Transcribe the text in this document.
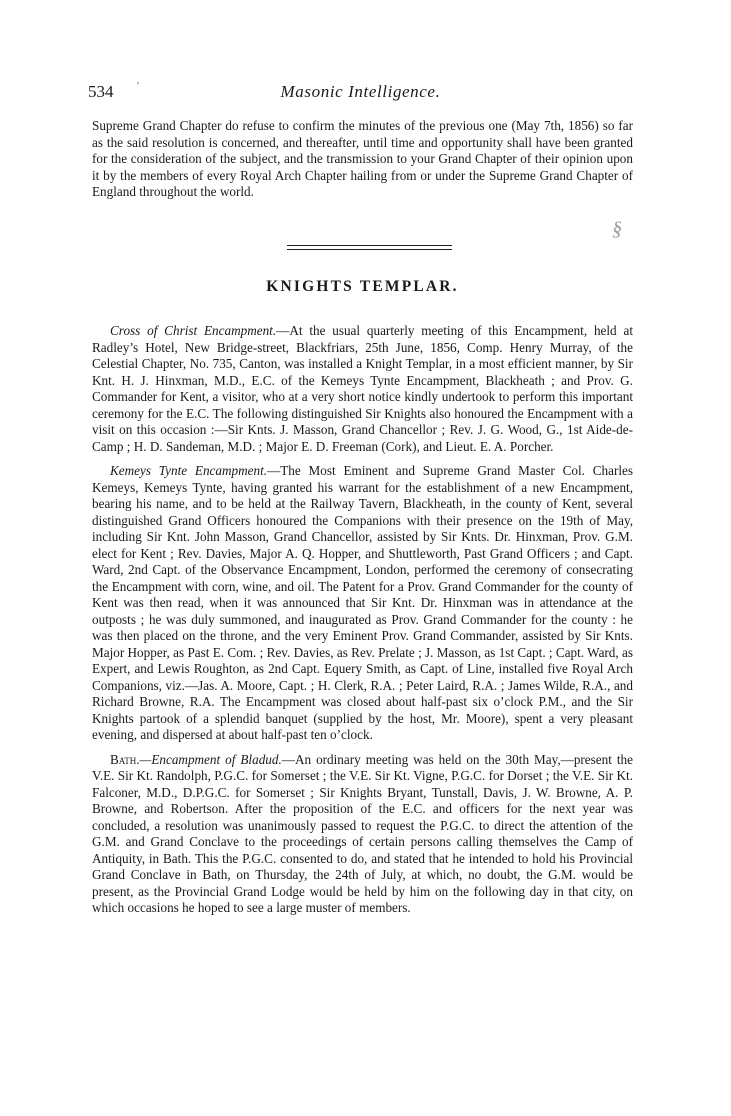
534 ’	Masonic Intelligence.
Supreme Grand Chapter do refuse to confirm the minutes of the previous one (May 7th, 1856) so far as the said resolution is concerned, and thereafter, until time and opportunity shall have been granted for the consideration of the subject, and the transmission to your Grand Chapter of their opinion upon it by the members of every Royal Arch Chapter hailing from or under the Supreme Grand Chapter of England throughout the world.
§
KNIGHTS TEMPLAR.

Cross of Christ Encampment.—At the usual quarterly meeting of this Encampment, held at Radley’s Hotel, New Bridge-street, Blackfriars, 25th June, 1856, Comp. Henry Murray, of the Celestial Chapter, No. 735, Canton, was installed a Knight Templar, in a most efficient manner, by Sir Knt. H. J. Hinxman, M.D., E.C. of the Kemeys Tynte Encampment, Blackheath ; and Prov. G. Commander for Kent, a visitor, who at a very short notice kindly undertook to perform this important ceremony for the E.C. The following distinguished Sir Knights also honoured the Encampment with a visit on this occasion :—Sir Knts. J. Masson, Grand Chancellor ; Rev. J. G. Wood, G., 1st Aide-de-Camp ; H. D. Sandeman, M.D. ; Major E. D. Freeman (Cork), and Lieut. E. A. Porcher.

Kemeys Tynte Encampment.—The Most Eminent and Supreme Grand Master Col. Charles Kemeys, Kemeys Tynte, having granted his warrant for the establishment of a new Encampment, bearing his name, and to be held at the Railway Tavern, Blackheath, in the county of Kent, several distinguished Grand Officers honoured the Companions with their presence on the 19th of May, including Sir Knt. John Masson, Grand Chancellor, assisted by Sir Knts. Dr. Hinxman, Prov. G.M. elect for Kent ; Rev. Davies, Major A. Q. Hopper, and Shuttleworth, Past Grand Officers ; and Capt. Ward, 2nd Capt. of the Observance Encampment, London, performed the ceremony of consecrating the Encampment with corn, wine, and oil. The Patent for a Prov. Grand Commander for the county of Kent was then read, when it was announced that Sir Knt. Dr. Hinxman was in attendance at the outposts ; he was duly summoned, and inaugurated as Prov. Grand Commander for the county : he was then placed on the throne, and the very Eminent Prov. Grand Commander, assisted by Sir Knts. Major Hopper, as Past E. Com. ; Rev. Davies, as Rev. Prelate ; J. Masson, as 1st Capt. ; Capt. Ward, as Expert, and Lewis Roughton, as 2nd Capt. Equery Smith, as Capt. of Line, installed five Royal Arch Companions, viz.—Jas. A. Moore, Capt. ; H. Clerk, R.A. ; Peter Laird, R.A. ; James Wilde, R.A., and Richard Browne, R.A. The Encampment was closed about half-past six o’clock P.M., and the Sir Knights partook of a splendid banquet (supplied by the host, Mr. Moore), spent a very pleasant evening, and dispersed at about half-past ten o’clock.

Bath.—Encampment of Bladud.—An ordinary meeting was held on the 30th May,—present the V.E. Sir Kt. Randolph, P.G.C. for Somerset ; the V.E. Sir Kt. Vigne, P.G.C. for Dorset ; the V.E. Sir Kt. Falconer, M.D., D.P.G.C. for Somerset ; Sir Knights Bryant, Tunstall, Davis, J. W. Browne, A. P. Browne, and Robertson. After the proposition of the E.C. and officers for the next year was concluded, a resolution was unanimously passed to request the P.G.C. to direct the attention of the G.M. and Grand Conclave to the proceedings of certain persons calling themselves the Camp of Antiquity, in Bath. This the P.G.C. consented to do, and stated that he intended to hold his Provincial Grand Conclave in Bath, on Thursday, the 24th of July, at which, no doubt, the G.M. would be present, as the Provincial Grand Lodge would be held by him on the following day in that city, on which occasions he hoped to see a large muster of members.
